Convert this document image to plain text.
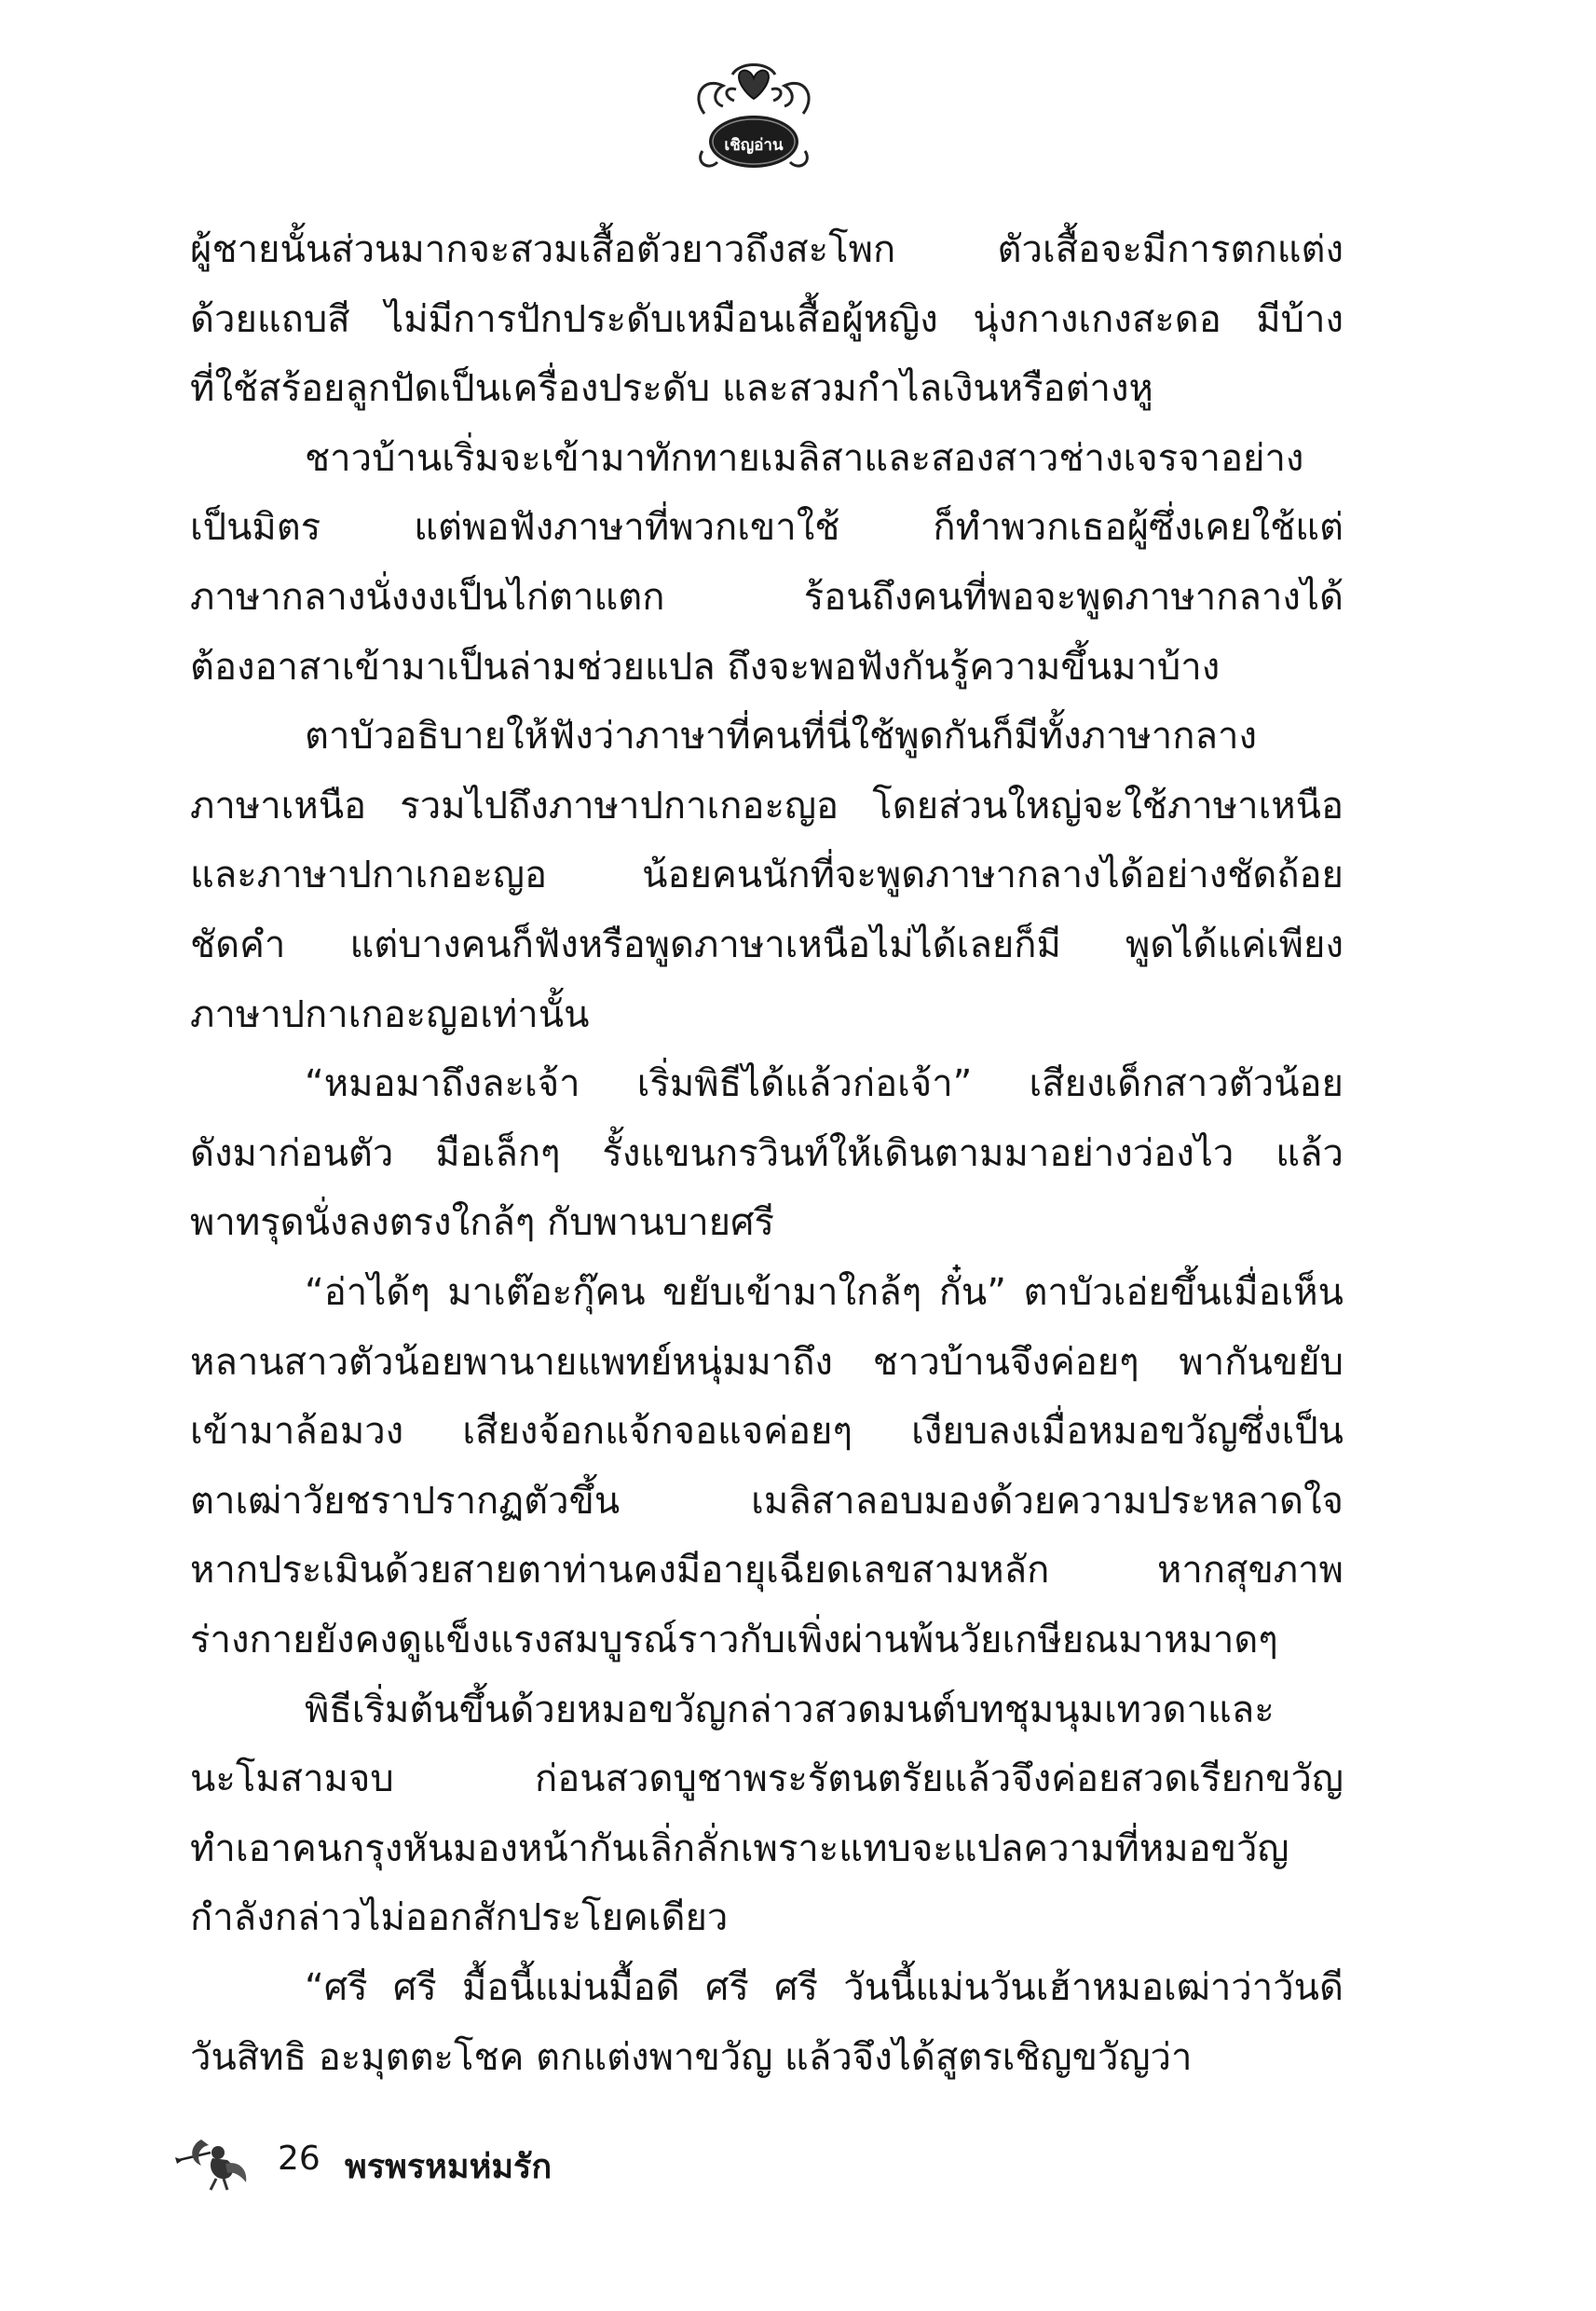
เชิญอ่าน
ผู้ชายนั้นส่วนมากจะสวมเสื้อตัวยาวถึงสะโพก ตัวเสื้อจะมีการตกแต่ง
ด้วยแถบสี ไม่มีการปักประดับเหมือนเสื้อผู้หญิง นุ่งกางเกงสะดอ มีบ้าง
ที่ใช้สร้อยลูกปัดเป็นเครื่องประดับ และสวมกำไลเงินหรือต่างหู
ชาวบ้านเริ่มจะเข้ามาทักทายเมลิสาและสองสาวช่างเจรจาอย่าง
เป็นมิตร แต่พอฟังภาษาที่พวกเขาใช้ ก็ทำพวกเธอผู้ซึ่งเคยใช้แต่
ภาษากลางนั่งงงเป็นไก่ตาแตก ร้อนถึงคนที่พอจะพูดภาษากลางได้
ต้องอาสาเข้ามาเป็นล่ามช่วยแปล ถึงจะพอฟังกันรู้ความขึ้นมาบ้าง
ตาบัวอธิบายให้ฟังว่าภาษาที่คนที่นี่ใช้พูดกันก็มีทั้งภาษากลาง
ภาษาเหนือ รวมไปถึงภาษาปกาเกอะญอ โดยส่วนใหญ่จะใช้ภาษาเหนือ
และภาษาปกาเกอะญอ น้อยคนนักที่จะพูดภาษากลางได้อย่างชัดถ้อย
ชัดคำ แต่บางคนก็ฟังหรือพูดภาษาเหนือไม่ได้เลยก็มี พูดได้แค่เพียง
ภาษาปกาเกอะญอเท่านั้น
“หมอมาถึงละเจ้า เริ่มพิธีได้แล้วก่อเจ้า” เสียงเด็กสาวตัวน้อย
ดังมาก่อนตัว มือเล็กๆ รั้งแขนกรวินท์ให้เดินตามมาอย่างว่องไว แล้ว
พาทรุดนั่งลงตรงใกล้ๆ กับพานบายศรี
“อ่าได้ๆ มาเต๊อะกุ๊คน ขยับเข้ามาใกล้ๆ กั๋น” ตาบัวเอ่ยขึ้นเมื่อเห็น
หลานสาวตัวน้อยพานายแพทย์หนุ่มมาถึง ชาวบ้านจึงค่อยๆ พากันขยับ
เข้ามาล้อมวง เสียงจ้อกแจ้กจอแจค่อยๆ เงียบลงเมื่อหมอขวัญซึ่งเป็น
ตาเฒ่าวัยชราปรากฏตัวขึ้น เมลิสาลอบมองด้วยความประหลาดใจ
หากประเมินด้วยสายตาท่านคงมีอายุเฉียดเลขสามหลัก หากสุขภาพ
ร่างกายยังคงดูแข็งแรงสมบูรณ์ราวกับเพิ่งผ่านพ้นวัยเกษียณมาหมาดๆ
พิธีเริ่มต้นขึ้นด้วยหมอขวัญกล่าวสวดมนต์บทชุมนุมเทวดาและ
นะโมสามจบ ก่อนสวดบูชาพระรัตนตรัยแล้วจึงค่อยสวดเรียกขวัญ
ทำเอาคนกรุงหันมองหน้ากันเลิ่กลั่กเพราะแทบจะแปลความที่หมอขวัญ
กำลังกล่าวไม่ออกสักประโยคเดียว
“ศรี ศรี มื้อนี้แม่นมื้อดี ศรี ศรี วันนี้แม่นวันเฮ้าหมอเฒ่าว่าวันดี
วันสิทธิ อะมุตตะโชค ตกแต่งพาขวัญ แล้วจึงได้สูตรเชิญขวัญว่า
26 พรพรหมห่มรัก
